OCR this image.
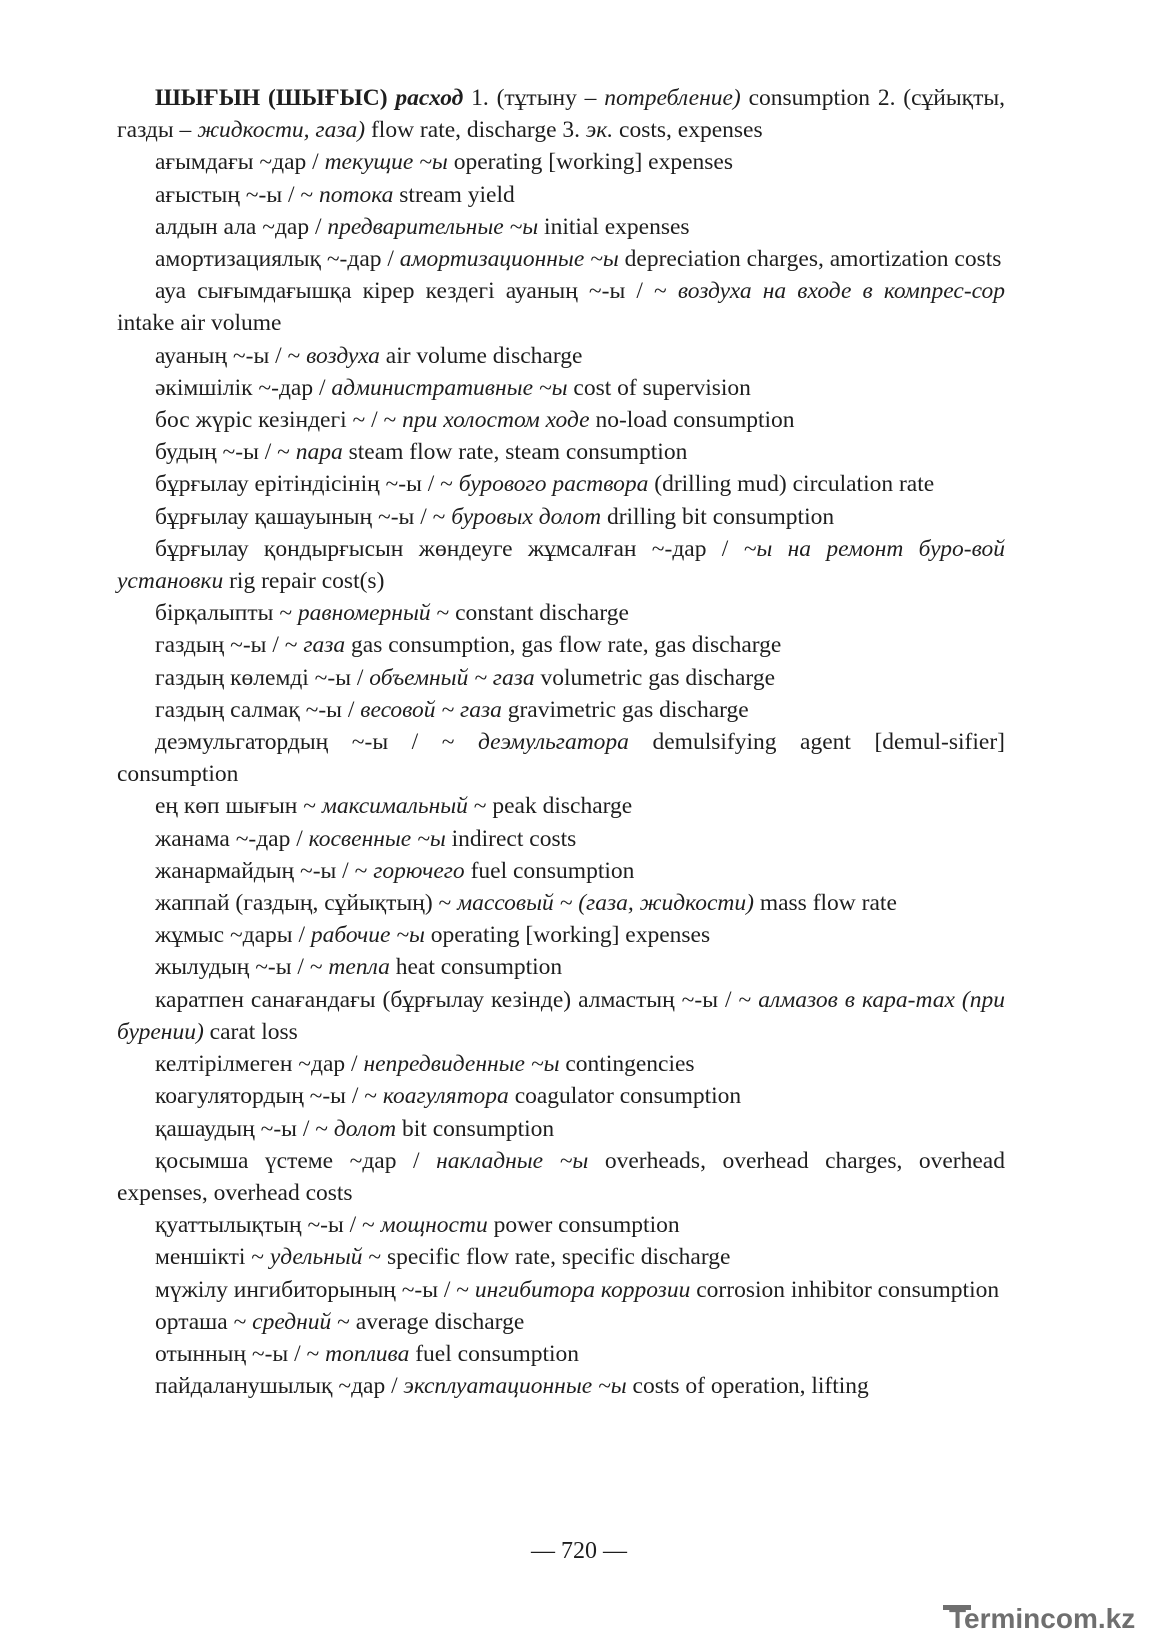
ШЫҒЫН (ШЫҒЫС) расход 1. (тұтыну – потребление) consumption 2. (сұйықты, газды – жидкости, газа) flow rate, discharge 3. эк. costs, expenses

ағымдағы ~дар / текущие ~ы operating [working] expenses

ағыстың ~-ы / ~ потока stream yield

алдын ала ~дар / предварительные ~ы initial expenses

амортизациялық ~-дар / амортизационные ~ы depreciation charges, amortization costs

ауа сығымдағышқа кірер кездегі ауаның ~-ы / ~ воздуха на входе в компрес-сор intake air volume

ауаның ~-ы / ~ воздуха air volume discharge

әкімшілік ~-дар / административные ~ы cost of supervision

бос жүріс кезіндегі ~ / ~ при холостом ходе no-load consumption

будың ~-ы / ~ пара steam flow rate, steam consumption

бұрғылау ерітіндісінің ~-ы / ~ бурового раствора (drilling mud) circulation rate

бұрғылау қашауының ~-ы / ~ буровых долот drilling bit consumption

бұрғылау қондырғысын жөндеуге жұмсалған ~-дар / ~ы на ремонт буро-вой установки rig repair cost(s)

бірқалыпты ~ равномерный ~ constant discharge

газдың ~-ы / ~ газа gas consumption, gas flow rate, gas discharge

газдың көлемді ~-ы / объемный ~ газа volumetric gas discharge

газдың салмақ ~-ы / весовой ~ газа gravimetric gas discharge

деэмульгатордың ~-ы / ~ деэмульгатора demulsifying agent [demul-sifier] consumption

ең көп шығын ~ максимальный ~ peak discharge

жанама ~-дар / косвенные ~ы indirect costs

жанармайдың ~-ы / ~ горючего fuel consumption

жаппай (газдың, сұйықтың) ~ массовый ~ (газа, жидкости) mass flow rate

жұмыс ~дары / рабочие ~ы operating [working] expenses

жылудың ~-ы / ~ тепла heat consumption

каратпен санағандағы (бұрғылау кезінде) алмастың ~-ы / ~ алмазов в кара-тах (при бурении) carat loss

келтірілмеген ~дар / непредвиденные ~ы contingencies

коагулятордың ~-ы / ~ коагулятора coagulator consumption

қашаудың ~-ы / ~ долот bit consumption

қосымша үстеме ~дар / накладные ~ы overheads, overhead charges, overhead expenses, overhead costs

қуаттылықтың ~-ы / ~ мощности power consumption

меншікті ~ удельный ~ specific flow rate, specific discharge

мүжілу ингибиторының ~-ы / ~ ингибитора коррозии corrosion inhibitor consumption

орташа ~ средний ~ average discharge

отынның ~-ы / ~ топлива fuel consumption

пайдаланушылық ~дар / эксплуатационные ~ы costs of operation, lifting

— 720 —
Termincom.kz
